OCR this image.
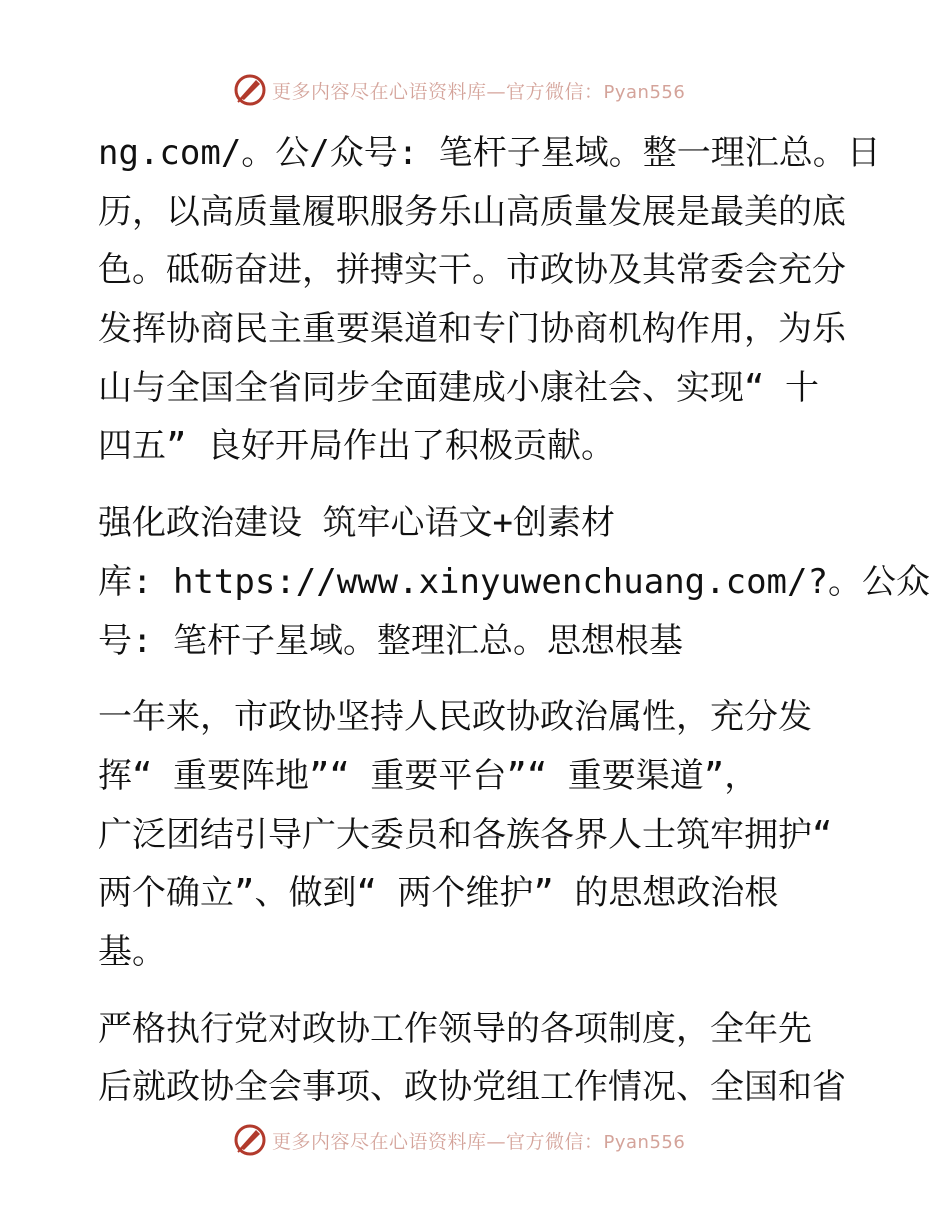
更多内容尽在心语资料库—官方微信：Pyan556
ng.com/。公/众号: 笔杆子星域。整一理汇总。日
历，以高质量履职服务乐山高质量发展是最美的底
色。砥砺奋进，拼搏实干。市政协及其常委会充分
发挥协商民主重要渠道和专门协商机构作用，为乐
山与全国全省同步全面建成小康社会、实现“ 十
四五” 良好开局作出了积极贡献。
强化政治建设 筑牢心语文+创素材
库: https://www.xinyuwenchuang.com/?。公众
号: 笔杆子星域。整理汇总。思想根基
一年来，市政协坚持人民政协政治属性，充分发
挥“ 重要阵地”“ 重要平台”“ 重要渠道”，
广泛团结引导广大委员和各族各界人士筑牢拥护“
两个确立”、做到“ 两个维护” 的思想政治根
基。
严格执行党对政协工作领导的各项制度，全年先
后就政协全会事项、政协党组工作情况、全国和省
更多内容尽在心语资料库—官方微信：Pyan556
